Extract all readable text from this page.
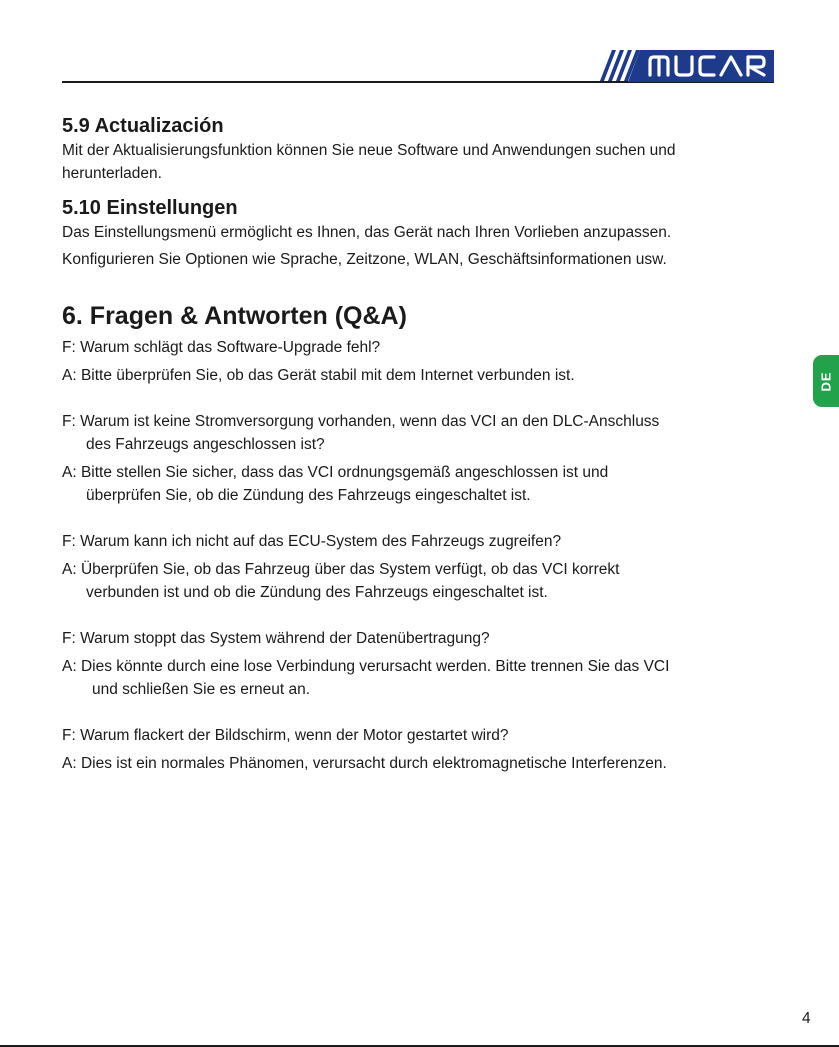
DE
5.9 Actualización

Mit der Aktualisierungsfunktion können Sie neue Software und Anwendungen suchen und

herunterladen.

5.10 Einstellungen

Das Einstellungsmenü ermöglicht es Ihnen, das Gerät nach Ihren Vorlieben anzupassen.

Konfigurieren Sie Optionen wie Sprache, Zeitzone, WLAN, Geschäftsinformationen usw.

6. Fragen & Antworten (Q&A)

F: Warum schlägt das Software-Upgrade fehl?

A: Bitte überprüfen Sie, ob das Gerät stabil mit dem Internet verbunden ist.

F: Warum ist keine Stromversorgung vorhanden, wenn das VCI an den DLC-Anschluss

des Fahrzeugs angeschlossen ist?

A: Bitte stellen Sie sicher, dass das VCI ordnungsgemäß angeschlossen ist und

überprüfen Sie, ob die Zündung des Fahrzeugs eingeschaltet ist.

F: Warum kann ich nicht auf das ECU-System des Fahrzeugs zugreifen?

A: Überprüfen Sie, ob das Fahrzeug über das System verfügt, ob das VCI korrekt

verbunden ist und ob die Zündung des Fahrzeugs eingeschaltet ist.

F: Warum stoppt das System während der Datenübertragung?

A: Dies könnte durch eine lose Verbindung verursacht werden. Bitte trennen Sie das VCI

und schließen Sie es erneut an.

F: Warum flackert der Bildschirm, wenn der Motor gestartet wird?

A: Dies ist ein normales Phänomen, verursacht durch elektromagnetische Interferenzen.

4
